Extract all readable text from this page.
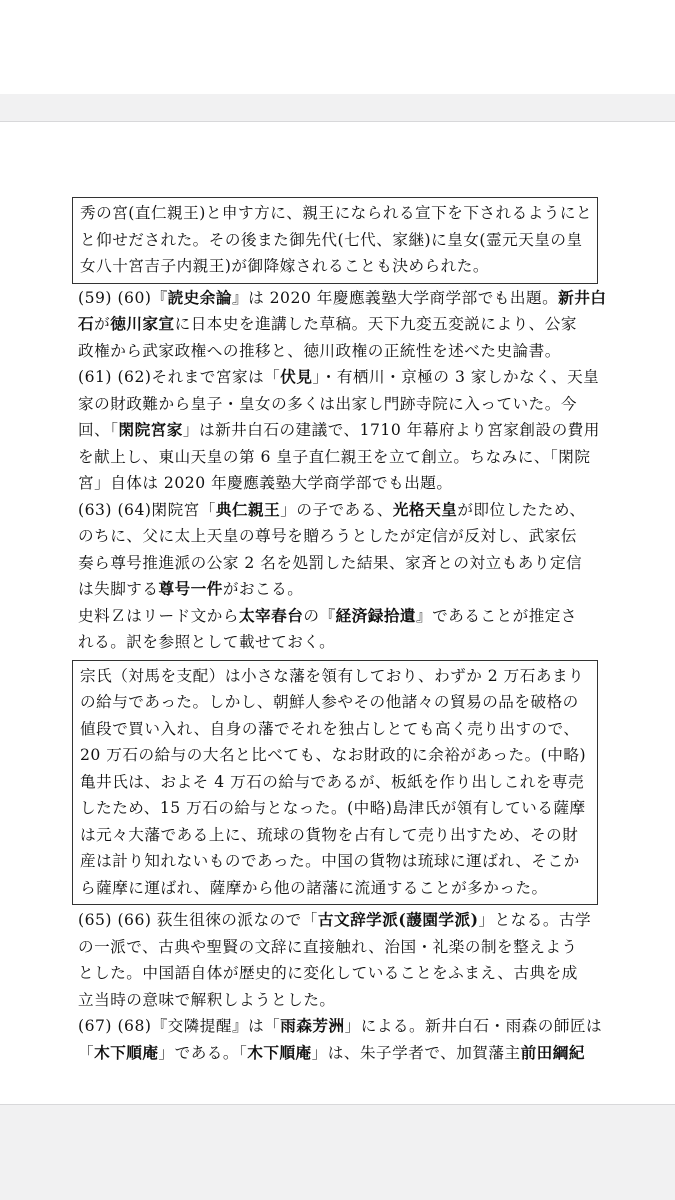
秀の宮(直仁親王)と申す方に、親王になられる宣下を下されるようにと
と仰せだされた。その後また御先代(七代、家継)に皇女(霊元天皇の皇
女八十宮吉子内親王)が御降嫁されることも決められた。
(59) (60)『読史余論』は 2020 年慶應義塾大学商学部でも出題。新井白
石が徳川家宣に日本史を進講した草稿。天下九変五変説により、公家
政権から武家政権への推移と、徳川政権の正統性を述べた史論書。
(61) (62)それまで宮家は「伏見」・有栖川・京極の 3 家しかなく、天皇
家の財政難から皇子・皇女の多くは出家し門跡寺院に入っていた。今
回、「閑院宮家」は新井白石の建議で、1710 年幕府より宮家創設の費用
を献上し、東山天皇の第 6 皇子直仁親王を立て創立。ちなみに、「閑院
宮」自体は 2020 年慶應義塾大学商学部でも出題。
(63) (64)閑院宮「典仁親王」の子である、光格天皇が即位したため、
のちに、父に太上天皇の尊号を贈ろうとしたが定信が反対し、武家伝
奏ら尊号推進派の公家 2 名を処罰した結果、家斉との対立もあり定信
は失脚する尊号一件がおこる。
史料Ｚはリード文から太宰春台の『経済録拾遺』であることが推定さ
れる。訳を参照として載せておく。
宗氏（対馬を支配）は小さな藩を領有しており、わずか 2 万石あまり
の給与であった。しかし、朝鮮人参やその他諸々の貿易の品を破格の
値段で買い入れ、自身の藩でそれを独占しとても高く売り出すので、
20 万石の給与の大名と比べても、なお財政的に余裕があった。(中略)
亀井氏は、およそ 4 万石の給与であるが、板紙を作り出しこれを専売
したため、15 万石の給与となった。(中略)島津氏が領有している薩摩
は元々大藩である上に、琉球の貨物を占有して売り出すため、その財
産は計り知れないものであった。中国の貨物は琉球に運ばれ、そこか
ら薩摩に運ばれ、薩摩から他の諸藩に流通することが多かった。
(65) (66) 荻生徂徠の派なので「古文辞学派(蘐園学派)」となる。古学
の一派で、古典や聖賢の文辞に直接触れ、治国・礼楽の制を整えよう
とした。中国語自体が歴史的に変化していることをふまえ、古典を成
立当時の意味で解釈しようとした。
(67) (68)『交隣提醒』は「雨森芳洲」による。新井白石・雨森の師匠は
「木下順庵」である。「木下順庵」は、朱子学者で、加賀藩主前田綱紀
